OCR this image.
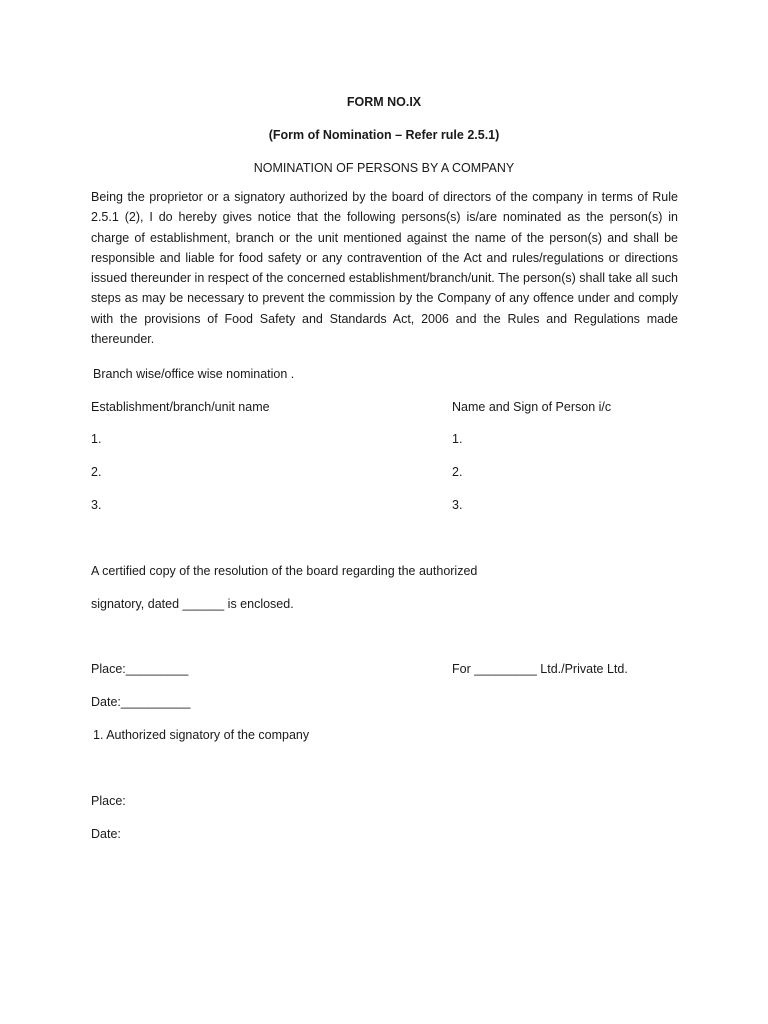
FORM NO.IX
(Form of Nomination – Refer rule 2.5.1)
NOMINATION OF PERSONS BY A COMPANY
Being the proprietor or a signatory authorized by the board of directors of the company in terms of Rule 2.5.1 (2), I do hereby gives notice that the following persons(s) is/are nominated as the person(s) in charge of establishment, branch or the unit mentioned against the name of the person(s) and shall be responsible and liable for food safety or any contravention of the Act and rules/regulations or directions issued thereunder in respect of the concerned establishment/branch/unit. The person(s) shall take all such steps as may be necessary to prevent the commission by the Company of any offence under and comply with the provisions of Food Safety and Standards Act, 2006 and the Rules and Regulations made thereunder.
Branch wise/office wise nomination .
Establishment/branch/unit name	Name and Sign of Person i/c
1.	1.
2.	2.
3.	3.
A certified copy of the resolution of the board regarding the authorized
signatory, dated ______ is enclosed.
Place:_________	For _________ Ltd./Private Ltd.
Date:__________
1. Authorized signatory of the company
Place:
Date:
